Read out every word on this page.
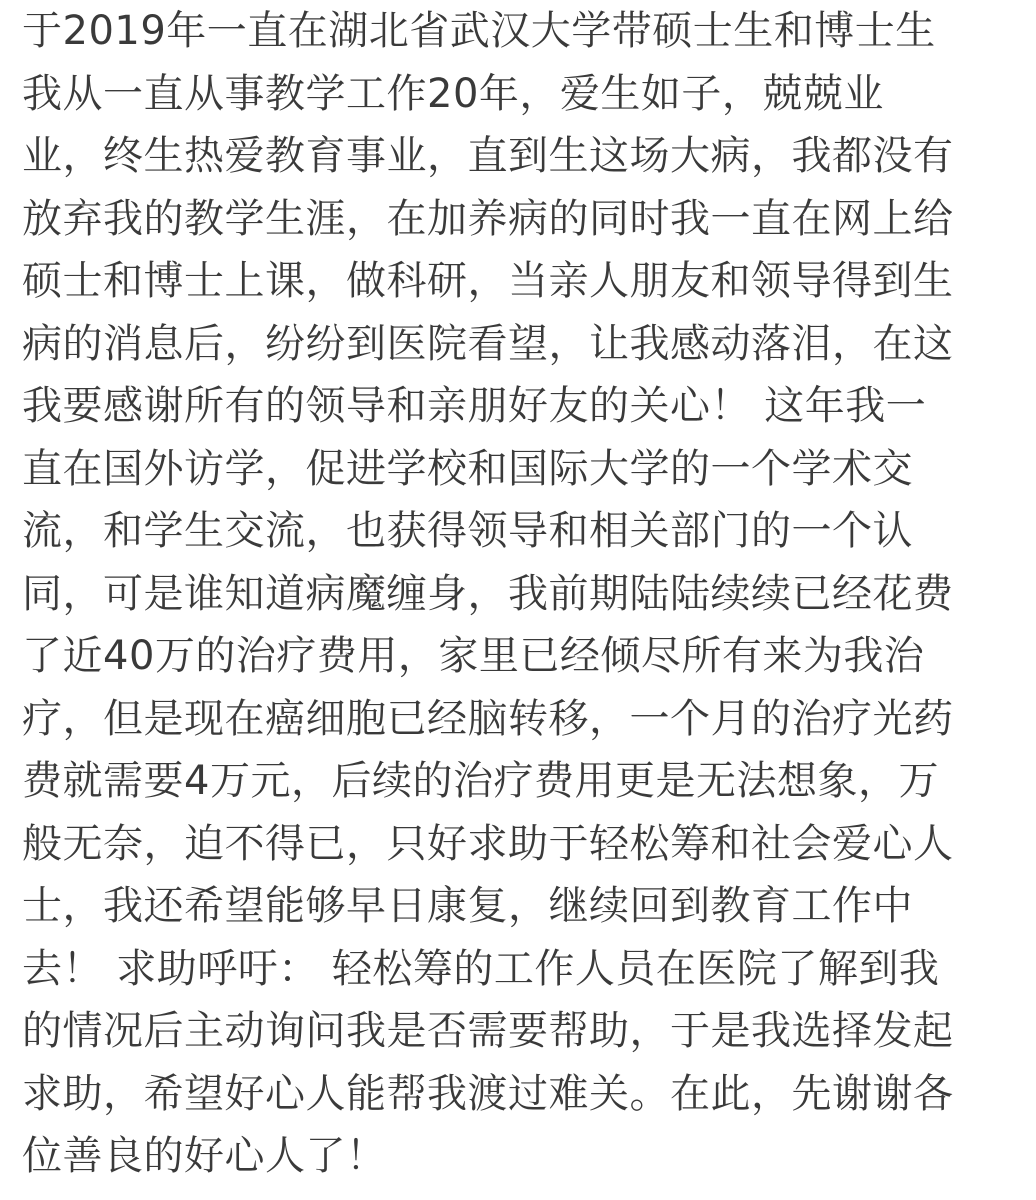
于2019年一直在湖北省武汉大学带硕士生和博士生
我从一直从事教学工作20年，爱生如子，兢兢业
业，终生热爱教育事业，直到生这场大病，我都没有
放弃我的教学生涯，在加养病的同时我一直在网上给
硕士和博士上课，做科研，当亲人朋友和领导得到生
病的消息后，纷纷到医院看望，让我感动落泪，在这
我要感谢所有的领导和亲朋好友的关心！ 这年我一
直在国外访学，促进学校和国际大学的一个学术交
流，和学生交流，也获得领导和相关部门的一个认
同，可是谁知道病魔缠身，我前期陆陆续续已经花费
了近40万的治疗费用，家里已经倾尽所有来为我治
疗，但是现在癌细胞已经脑转移，一个月的治疗光药
费就需要4万元，后续的治疗费用更是无法想象，万
般无奈，迫不得已，只好求助于轻松筹和社会爱心人
士，我还希望能够早日康复，继续回到教育工作中
去！ 求助呼吁： 轻松筹的工作人员在医院了解到我
的情况后主动询问我是否需要帮助，于是我选择发起
求助，希望好心人能帮我渡过难关。在此，先谢谢各
位善良的好心人了！
